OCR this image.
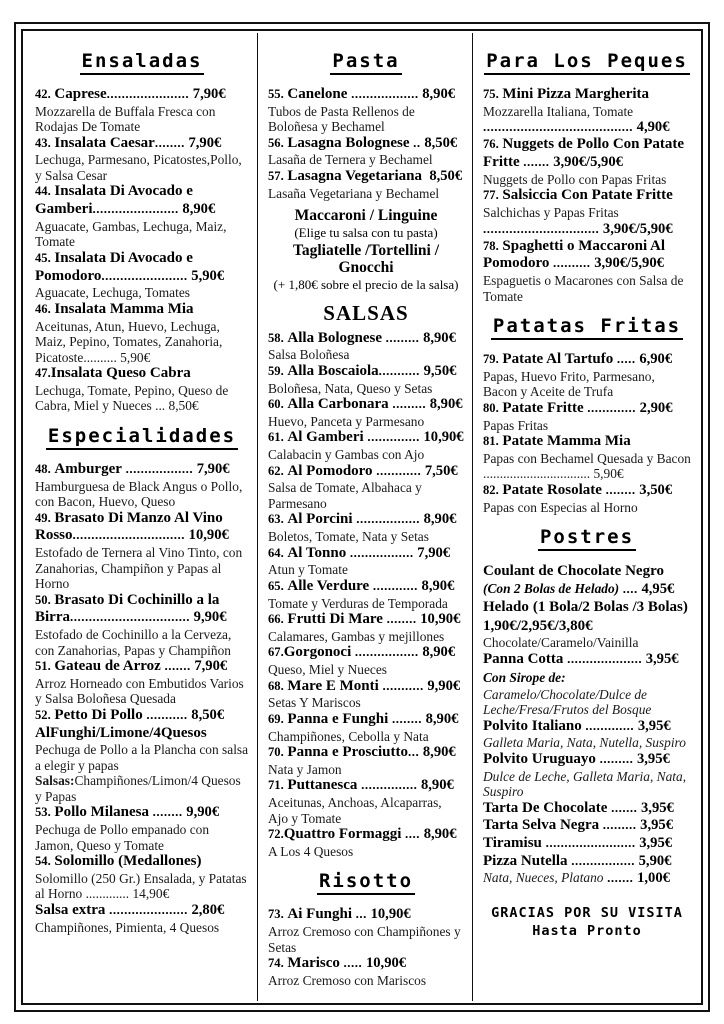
Ensaladas
42. Caprese...................... 7,90€
Mozzarella de Buffala Fresca con Rodajas De Tomate
43. Insalata Caesar........ 7,90€
Lechuga, Parmesano, Picatostes,Pollo, y Salsa Cesar
44. Insalata Di Avocado e Gamberi....................... 8,90€
Aguacate, Gambas, Lechuga, Maiz, Tomate
45. Insalata Di Avocado e Pomodoro....................... 5,90€
Aguacate, Lechuga, Tomates
46. Insalata Mamma Mia
Aceitunas, Atun, Huevo, Lechuga, Maiz, Pepino, Tomates, Zanahoria, Picatoste.......... 5,90€
47.Insalata Queso Cabra
Lechuga, Tomate, Pepino, Queso de Cabra, Miel y Nueces ... 8,50€
Especialidades
48. Amburger .................. 7,90€
Hamburguesa de Black Angus o Pollo, con Bacon, Huevo, Queso
49. Brasato Di Manzo Al Vino Rosso.............................. 10,90€
Estofado de Ternera al Vino Tinto, con Zanahorias, Champiñon y Papas al Horno
50. Brasato Di Cochinillo a la Birra................................ 9,90€
Estofado de Cochinillo a la Cerveza, con Zanahorias, Papas y Champiñon
51. Gateau de Arroz ....... 7,90€
Arroz Horneado con Embutidos Varios y Salsa Boloñesa Quesada
52. Petto Di Pollo ........... 8,50€
AlFunghi/Limone/4Quesos
Pechuga de Pollo a la Plancha con salsa a elegir y papas
Salsas:Champiñones/Limon/4 Quesos y Papas
53. Pollo Milanesa ........ 9,90€
Pechuga de Pollo empanado con Jamon, Queso y Tomate
54. Solomillo (Medallones)
Solomillo (250 Gr.) Ensalada, y Patatas al Horno ............. 14,90€
Salsa extra ..................... 2,80€
Champiñones, Pimienta, 4 Quesos
Pasta
55. Canelone .................. 8,90€
Tubos de Pasta Rellenos de Boloñesa y Bechamel
56. Lasagna Bolognese .. 8,50€
Lasaña de Ternera y Bechamel
57. Lasagna Vegetariana 8,50€
Lasaña Vegetariana y Bechamel
Maccaroni / Linguine
(Elige tu salsa con tu pasta)
Tagliatelle /Tortellini / Gnocchi
(+ 1,80€ sobre el precio de la salsa)
SALSAS
58. Alla Bolognese ......... 8,90€
Salsa Boloñesa
59. Alla Boscaiola........... 9,50€
Boloñesa, Nata, Queso y Setas
60. Alla Carbonara ......... 8,90€
Huevo, Panceta y Parmesano
61. Al Gamberi .............. 10,90€
Calabacin y Gambas con Ajo
62. Al Pomodoro ............ 7,50€
Salsa de Tomate, Albahaca y Parmesano
63. Al Porcini ................. 8,90€
Boletos, Tomate, Nata y Setas
64. Al Tonno ................. 7,90€
Atun y Tomate
65. Alle Verdure ............ 8,90€
Tomate y Verduras de Temporada
66. Frutti Di Mare ........ 10,90€
Calamares, Gambas y mejillones
67.Gorgonoci ................. 8,90€
Queso, Miel y Nueces
68. Mare E Monti ........... 9,90€
Setas Y Mariscos
69. Panna e Funghi ........ 8,90€
Champiñones, Cebolla y Nata
70. Panna e Prosciutto... 8,90€
Nata y Jamon
71. Puttanesca ............... 8,90€
Aceitunas, Anchoas, Alcaparras, Ajo y Tomate
72.Quattro Formaggi .... 8,90€
A Los 4 Quesos
Risotto
73. Ai Funghi ... 10,90€
Arroz Cremoso con Champiñones y Setas
74. Marisco ..... 10,90€
Arroz Cremoso con Mariscos
Para Los Peques
75. Mini Pizza Margherita
Mozzarella Italiana, Tomate
........................................ 4,90€
76. Nuggets de Pollo Con Patate Fritte ....... 3,90€/5,90€
Nuggets de Pollo con Papas Fritas
77. Salsiccia Con Patate Fritte
Salchichas y Papas Fritas
............................... 3,90€/5,90€
78. Spaghetti o Maccaroni Al Pomodoro .......... 3,90€/5,90€
Espaguetis o Macarones con Salsa de Tomate
Patatas Fritas
79. Patate Al Tartufo ..... 6,90€
Papas, Huevo Frito, Parmesano, Bacon y Aceite de Trufa
80. Patate Fritte ............. 2,90€
Papas Fritas
81. Patate Mamma Mia
Papas con Bechamel Quesada y Bacon ................................ 5,90€
82. Patate Rosolate ........ 3,50€
Papas con Especias al Horno
Postres
Coulant de Chocolate Negro
(Con 2 Bolas de Helado) .... 4,95€
Helado (1 Bola/2 Bolas /3 Bolas) 1,90€/2,95€/3,80€
Chocolate/Caramelo/Vainilla
Panna Cotta .................... 3,95€
Con Sirope de:
Caramelo/Chocolate/Dulce de Leche/Fresa/Frutos del Bosque
Polvito Italiano ............. 3,95€
Galleta Maria, Nata, Nutella, Suspiro
Polvito Uruguayo ......... 3,95€
Dulce de Leche, Galleta Maria, Nata, Suspiro
Tarta De Chocolate ....... 3,95€
Tarta Selva Negra ......... 3,95€
Tiramisu ........................ 3,95€
Pizza Nutella ................. 5,90€
Nata, Nueces, Platano ....... 1,00€
GRACIAS POR SU VISITA
Hasta Pronto
